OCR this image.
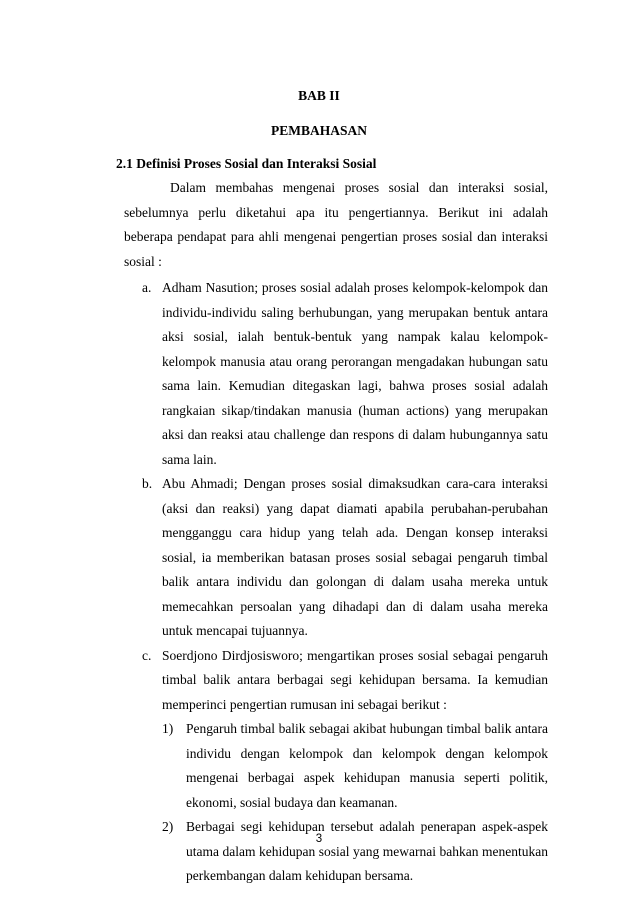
BAB II
PEMBAHASAN
2.1 Definisi Proses Sosial dan Interaksi Sosial

Dalam membahas mengenai proses sosial dan interaksi sosial, sebelumnya perlu diketahui apa itu pengertiannya. Berikut ini adalah beberapa pendapat para ahli mengenai pengertian proses sosial dan interaksi sosial :

a. Adham Nasution; proses sosial adalah proses kelompok-kelompok dan individu-individu saling berhubungan, yang merupakan bentuk antara aksi sosial, ialah bentuk-bentuk yang nampak kalau kelompok-kelompok manusia atau orang perorangan mengadakan hubungan satu sama lain. Kemudian ditegaskan lagi, bahwa proses sosial adalah rangkaian sikap/tindakan manusia (human actions) yang merupakan aksi dan reaksi atau challenge dan respons di dalam hubungannya satu sama lain.
b. Abu Ahmadi; Dengan proses sosial dimaksudkan cara-cara interaksi (aksi dan reaksi) yang dapat diamati apabila perubahan-perubahan mengganggu cara hidup yang telah ada. Dengan konsep interaksi sosial, ia memberikan batasan proses sosial sebagai pengaruh timbal balik antara individu dan golongan di dalam usaha mereka untuk memecahkan persoalan yang dihadapi dan di dalam usaha mereka untuk mencapai tujuannya.
c. Soerdjono Dirdjosisworo; mengartikan proses sosial sebagai pengaruh timbal balik antara berbagai segi kehidupan bersama. Ia kemudian memperinci pengertian rumusan ini sebagai berikut :
1) Pengaruh timbal balik sebagai akibat hubungan timbal balik antara individu dengan kelompok dan kelompok dengan kelompok mengenai berbagai aspek kehidupan manusia seperti politik, ekonomi, sosial budaya dan keamanan.
2) Berbagai segi kehidupan tersebut adalah penerapan aspek-aspek utama dalam kehidupan sosial yang mewarnai bahkan menentukan perkembangan dalam kehidupan bersama.
3
